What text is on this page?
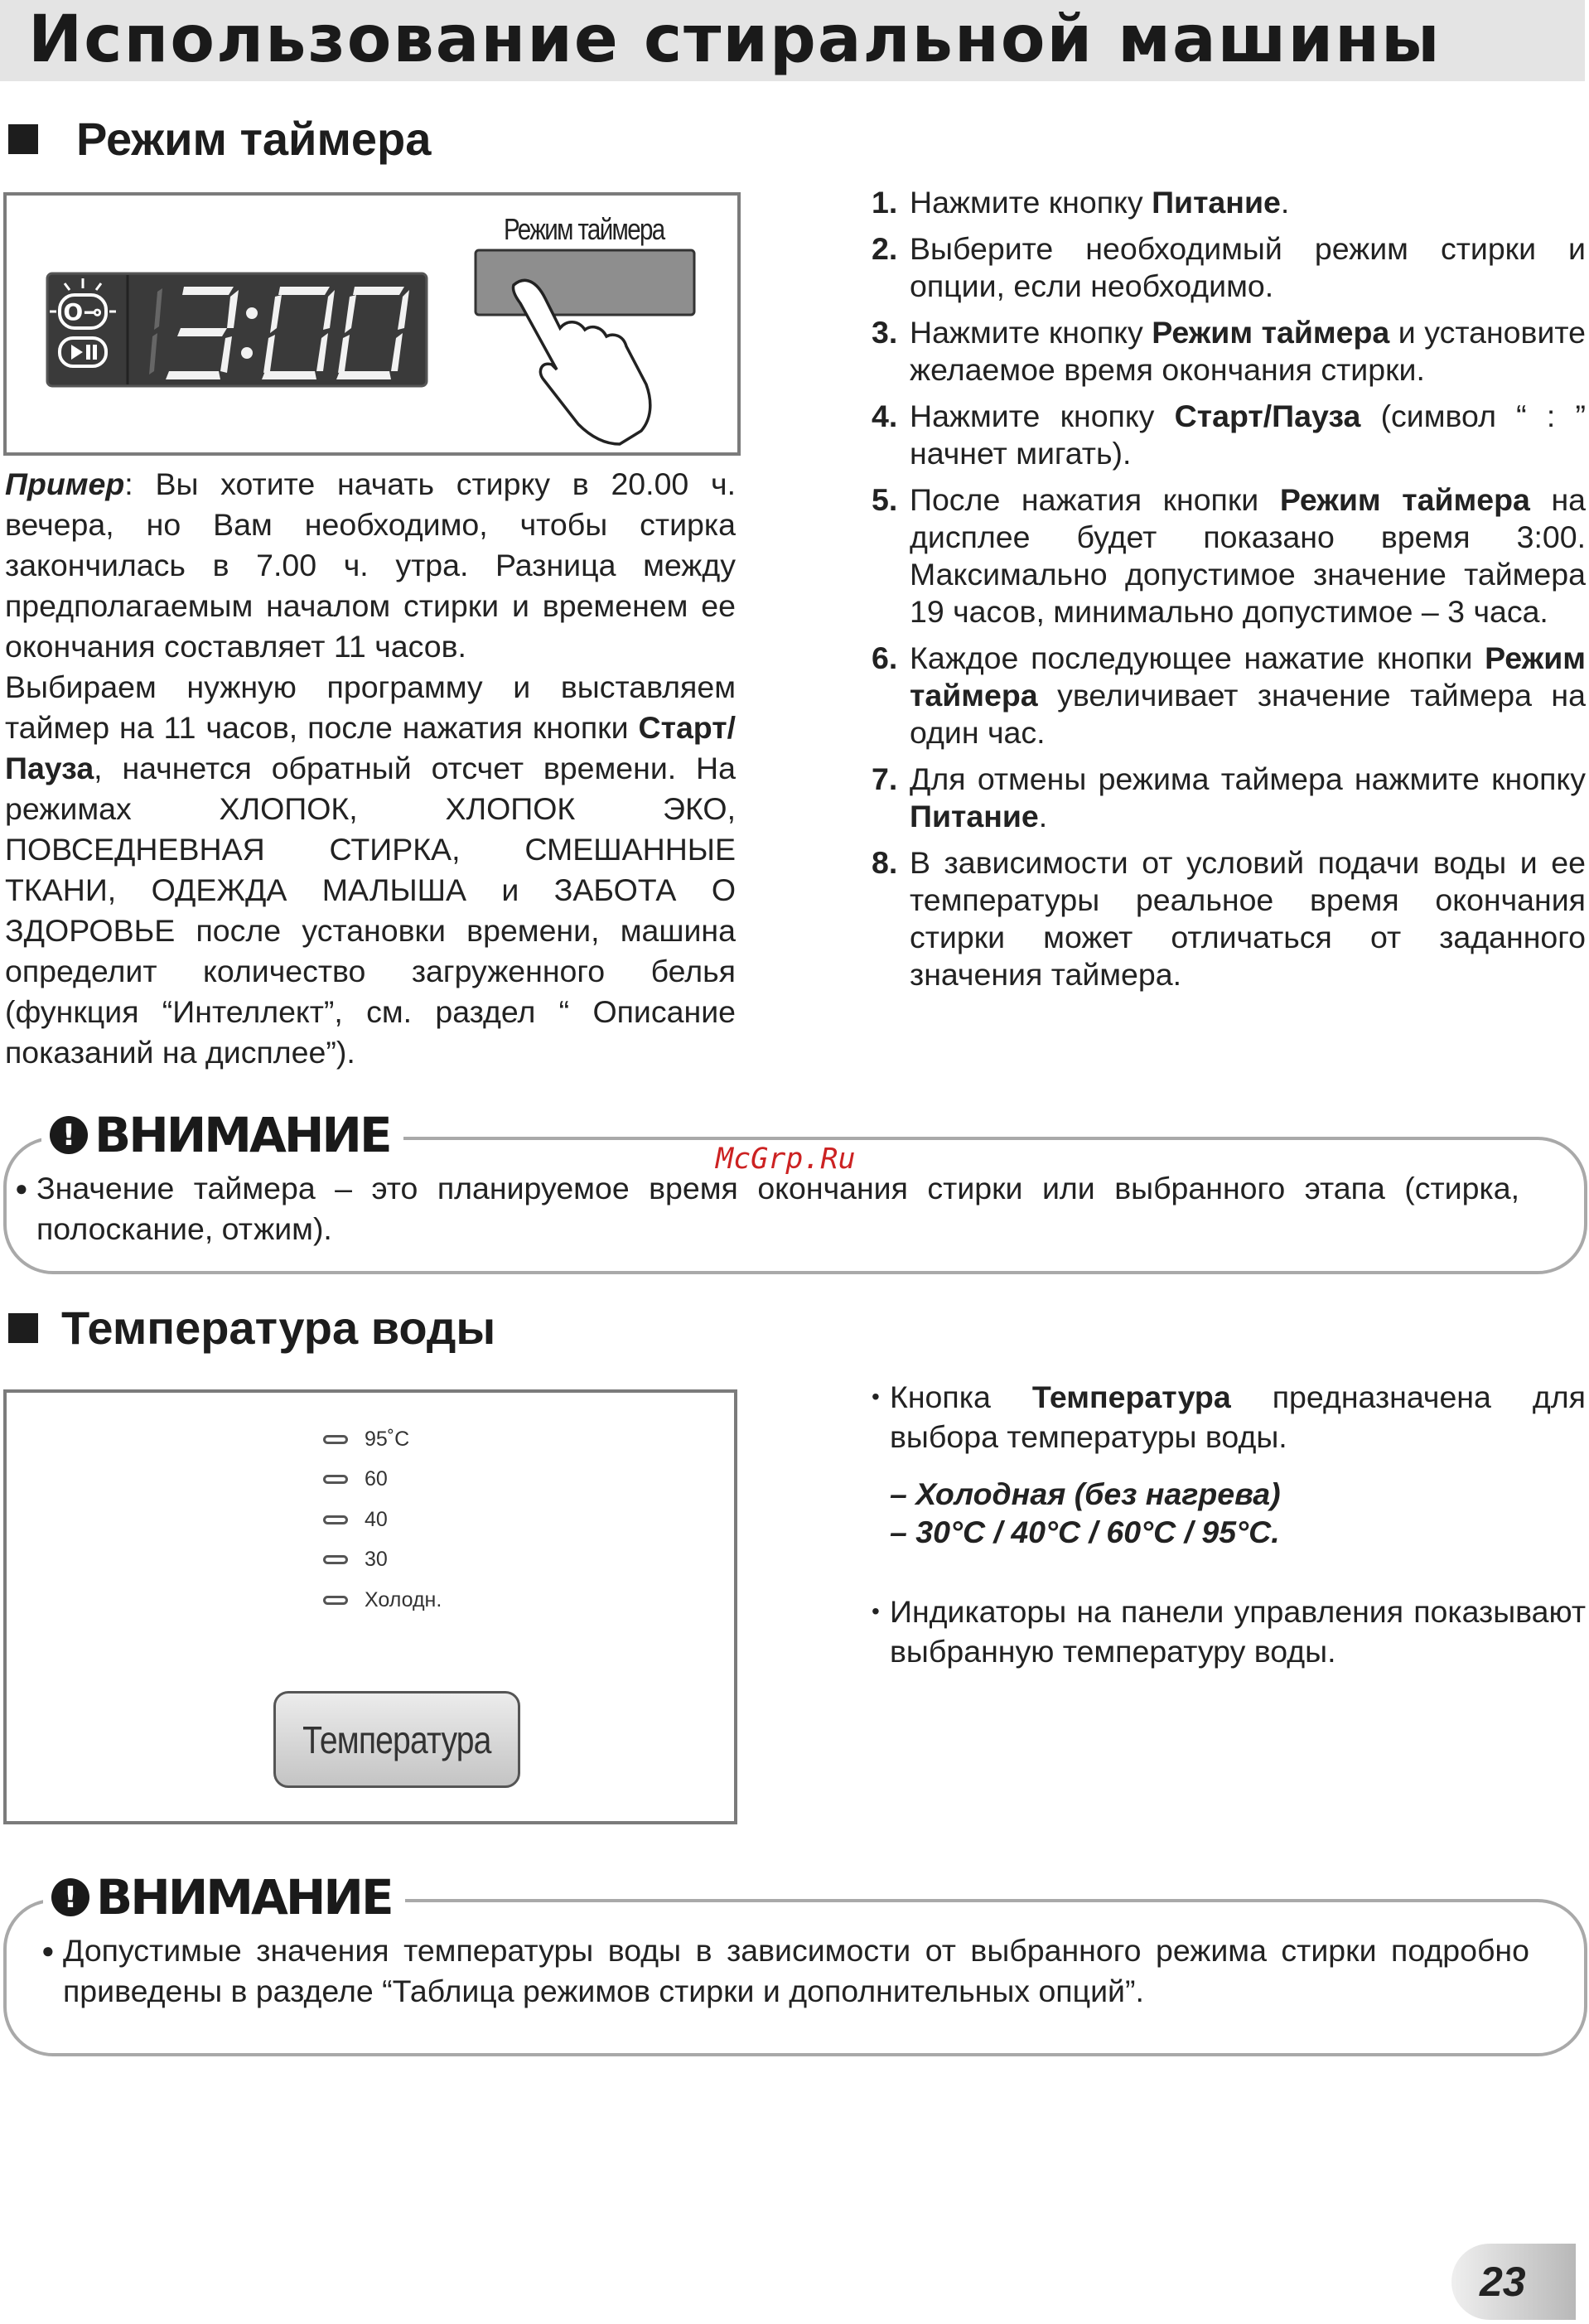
Использование стиральной машины
Режим таймера
O⊸
Режим таймера

Пример: Вы хотите начать стирку в 20.00 ч. вечера, но Вам необходимо, чтобы стирка закончилась в 7.00 ч. утра. Разница между предполагаемым началом стирки и временем ее окончания составляет 11 часов.

Выбираем нужную программу и выставляем таймер на 11 часов, после нажатия кнопки Старт/Пауза, начнется обратный отсчет времени. На режимах ХЛОПОК, ХЛОПОК ЭКО, ПОВСЕДНЕВНАЯ СТИРКА, СМЕШАННЫЕ ТКАНИ, ОДЕЖДА МАЛЫША и ЗАБОТА О ЗДОРОВЬЕ после установки времени, машина определит количество загруженного белья (функция “Интеллект”, см. раздел “ Описание показаний на дисплее”).

1. Нажмите кнопку Питание.
2. Выберите необходимый режим стирки и опции, если необходимо.
3. Нажмите кнопку Режим таймера и установите желаемое время окончания стирки.
4. Нажмите кнопку Старт/Пауза (символ “ : ” начнет мигать).
5. После нажатия кнопки Режим таймера на дисплее будет показано время 3:00. Максимально допустимое значение таймера 19 часов, минимально допустимое – 3 часа.
6. Каждое последующее нажатие кнопки Режим таймера увеличивает значение таймера на один час.
7. Для отмены режима таймера нажмите кнопку Питание.
8. В зависимости от условий подачи воды и ее температуры реальное время окончания стирки может отличаться от заданного значения таймера.
● Значение таймера – это планируемое время окончания стирки или выбранного этапа (стирка, полоскание, отжим).

! ВНИМАНИЕ	McGrp.Ru
Температура воды
95˚C
60
40
30
Холодн.
Температура
• Кнопка Температура предназначена для выбора температуры воды.

– Холодная (без нагрева)

– 30°C / 40°C / 60°C / 95°C.

• Индикаторы на панели управления показывают выбранную температуру воды.

● Допустимые значения температуры воды в зависимости от выбранного режима стирки подробно приведены в разделе “Таблица режимов стирки и дополнительных опций”.

! ВНИМАНИЕ
23
